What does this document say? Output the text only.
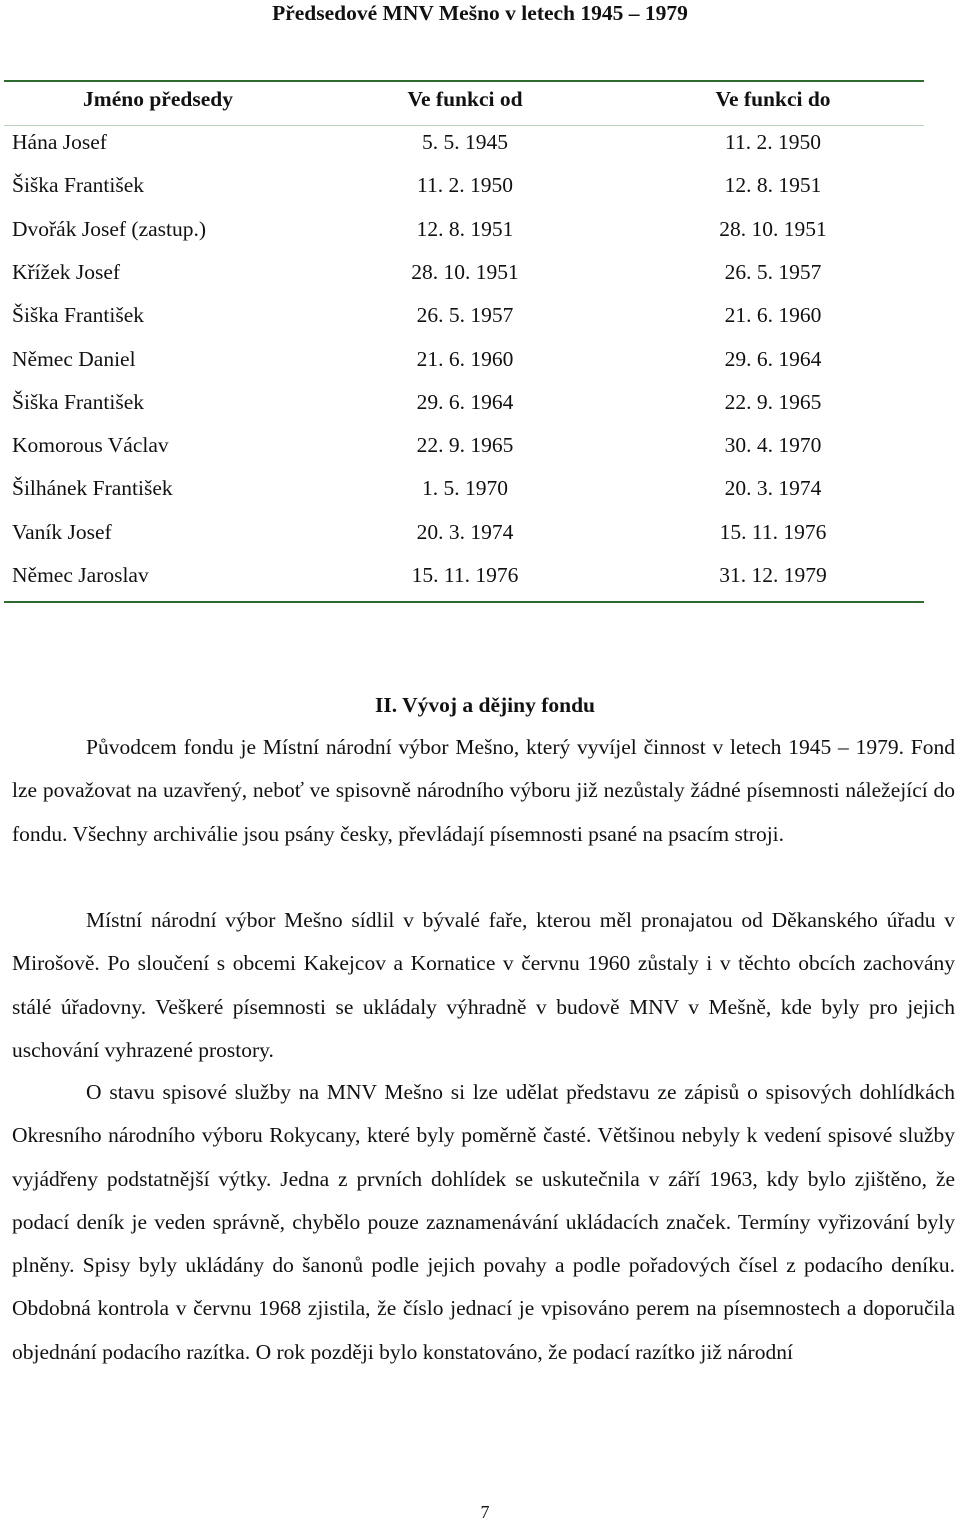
Předsedové MNV Mešno v letech 1945 – 1979
Jméno předsedy	Ve funkci od	Ve funkci do
Hána Josef	5. 5. 1945	11. 2. 1950
Šiška František	11. 2. 1950	12. 8. 1951
Dvořák Josef (zastup.)	12. 8. 1951	28. 10. 1951
Křížek Josef	28. 10. 1951	26. 5. 1957
Šiška František	26. 5. 1957	21. 6. 1960
Němec Daniel	21. 6. 1960	29. 6. 1964
Šiška František	29. 6. 1964	22. 9. 1965
Komorous Václav	22. 9. 1965	30. 4. 1970
Šilhánek František	1. 5. 1970	20. 3. 1974
Vaník Josef	20. 3. 1974	15. 11. 1976
Němec Jaroslav	15. 11. 1976	31. 12. 1979
II. Vývoj a dějiny fondu

Původcem fondu je Místní národní výbor Mešno, který vyvíjel činnost v letech 1945 – 1979. Fond lze považovat na uzavřený, neboť ve spisovně národního výboru již nezůstaly žádné písemnosti náležející do fondu. Všechny archiválie jsou psány česky, převládají písemnosti psané na psacím stroji.

Místní národní výbor Mešno sídlil v bývalé faře, kterou měl pronajatou od Děkanského úřadu v Mirošově. Po sloučení s obcemi Kakejcov a Kornatice v červnu 1960 zůstaly i v těchto obcích zachovány stálé úřadovny. Veškeré písemnosti se ukládaly výhradně v budově MNV v Mešně, kde byly pro jejich uschování vyhrazené prostory.

O stavu spisové služby na MNV Mešno si lze udělat představu ze zápisů o spisových dohlídkách Okresního národního výboru Rokycany, které byly poměrně časté. Většinou nebyly k vedení spisové služby vyjádřeny podstatnější výtky. Jedna z prvních dohlídek se uskutečnila v září 1963, kdy bylo zjištěno, že podací deník je veden správně, chybělo pouze zaznamenávání ukládacích značek. Termíny vyřizování byly plněny. Spisy byly ukládány do šanonů podle jejich povahy a podle pořadových čísel z podacího deníku. Obdobná kontrola v červnu 1968 zjistila, že číslo jednací je vpisováno perem na písemnostech a doporučila objednání podacího razítka. O rok později bylo konstatováno, že podací razítko již národní

7
